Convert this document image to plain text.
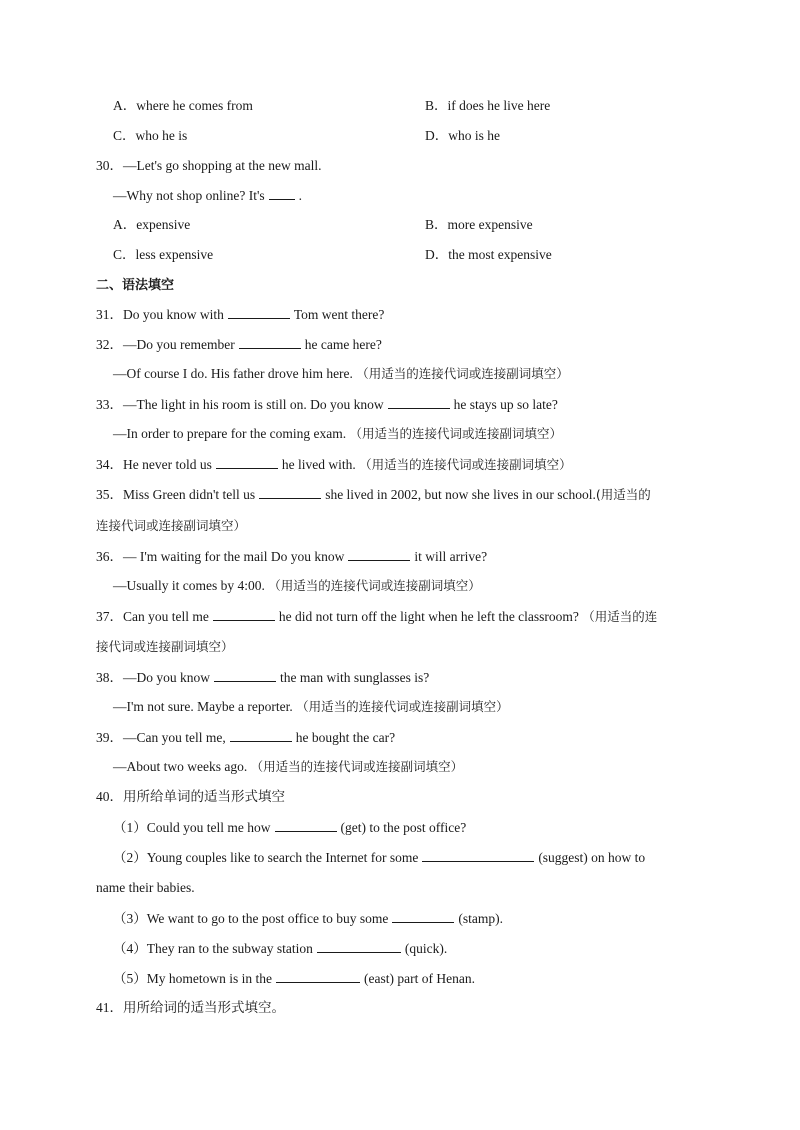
A．where he comes from	B．if does he live here
C．who he is	D．who is he
30．—Let's go shopping at the new mall.
—Why not shop online? It's	.
A．expensive	B．more expensive
C．less expensive	D．the most expensive
二、语法填空
31．Do you know with	Tom went there?
32．—Do you remember	he came here?
—Of course I do. His father drove him here. （用适当的连接代词或连接副词填空）
33．—The light in his room is still on. Do you know	he stays up so late?
—In order to prepare for the coming exam. （用适当的连接代词或连接副词填空）
34．He never told us	he lived with. （用适当的连接代词或连接副词填空）
35．Miss Green didn't tell us	she lived in 2002, but now she lives in our school.(用适当的
连接代词或连接副词填空）
36．— I'm waiting for the mail Do you know	it will arrive?
—Usually it comes by 4:00. （用适当的连接代词或连接副词填空）
37．Can you tell me	he did not turn off the light when he left the classroom? （用适当的连
接代词或连接副词填空）
38．—Do you know	the man with sunglasses is?
—I'm not sure. Maybe a reporter. （用适当的连接代词或连接副词填空）
39．—Can you tell me,	he bought the car?
—About two weeks ago. （用适当的连接代词或连接副词填空）
40．用所给单词的适当形式填空
（1）Could you tell me how	(get) to the post office?
（2）Young couples like to search the Internet for some	(suggest) on how to
name their babies.
（3）We want to go to the post office to buy some	(stamp).
（4）They ran to the subway station	(quick).
（5）My hometown is in the	(east) part of Henan.
41．用所给词的适当形式填空。
